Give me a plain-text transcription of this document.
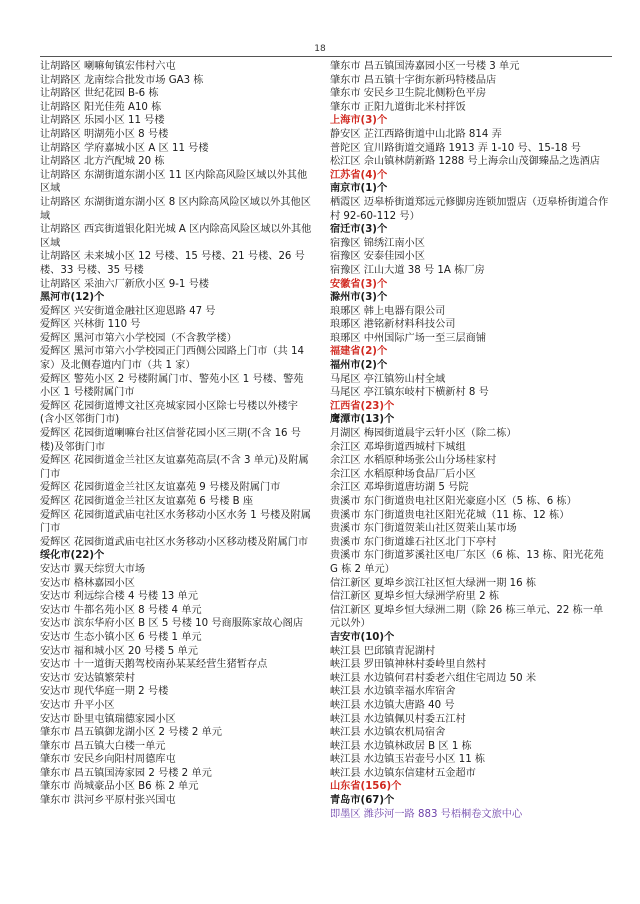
18
让胡路区 喇嘛甸镇宏伟村六屯
让胡路区 龙南综合批发市场 GA3 栋
让胡路区 世纪花园 B-6 栋
让胡路区 阳光佳苑 A10 栋
让胡路区 乐园小区 11 号楼
让胡路区 明湖苑小区 8 号楼
让胡路区 学府嘉城小区 A 区 11 号楼
让胡路区 北方汽配城 20 栋
让胡路区 东湖街道东湖小区 11 区内除高风险区域以外其他区域
让胡路区 东湖街道东湖小区 8 区内除高风险区域以外其他区域
让胡路区 西宾街道银化阳光城 A 区内除高风险区域以外其他区域
让胡路区 未来城小区 12 号楼、15 号楼、21 号楼、26 号楼、33 号楼、35 号楼
让胡路区 采油六厂新欣小区 9-1 号楼
黑河市(12)个
爱辉区 兴安街道金融社区迎恩路 47 号
爱辉区 兴林街 110 号
爱辉区 黑河市第六小学校园（不含教学楼）
爱辉区 黑河市第六小学校园正门西侧公园路上门市（共 14 家）及北侧春道内门市（共 1 家）
爱辉区 警苑小区 2 号楼附属门市、警苑小区 1 号楼、警苑小区 1 号楼附属门市
爱辉区 花园街道博文社区亮城家园小区除七号楼以外楼宇(含小区邻街门市)
爱辉区 花园街道喇嘛台社区信誉花园小区三期(不含 16 号楼)及邻街门市
爱辉区 花园街道金兰社区友谊嘉苑高层(不含 3 单元)及附属门市
爱辉区 花园街道金兰社区友谊嘉苑 9 号楼及附属门市
爱辉区 花园街道金兰社区友谊嘉苑 6 号楼 B 座
爱辉区 花园街道武庙屯社区水务移动小区水务 1 号楼及附属门市
爱辉区 花园街道武庙屯社区水务移动小区移动楼及附属门市
绥化市(22)个
安达市 翼天综贸大市场
安达市 格林嘉园小区
安达市 利远综合楼 4 号楼 13 单元
安达市 牛都名苑小区 8 号楼 4 单元
安达市 滨东华府小区 B 区 5 号楼 10 号商服陈家故心阁店
安达市 生态小镇小区 6 号楼 1 单元
安达市 福和城小区 20 号楼 5 单元
安达市 十一道街天鹅驾校南孙某某经营生猪暂存点
安达市 安达镇繁荣村
安达市 现代华庭一期 2 号楼
安达市 升平小区
安达市 卧里屯镇瑞德家园小区
肇东市 昌五镇御龙湖小区 2 号楼 2 单元
肇东市 昌五镇大白楼一单元
肇东市 安民乡向阳村周德库屯
肇东市 昌五镇国涛家园 2 号楼 2 单元
肇东市 尚城豪品小区 B6 栋 2 单元
肇东市 洪河乡平原村张兴国屯
肇东市 昌五镇国涛嘉园小区一号楼 3 单元
肇东市 昌五镇十字街东新玛特楼品店
肇东市 安民乡卫生院北侧粉色平房
肇东市 正阳九道街北米村拌饭
上海市(3)个
静安区 芷江西路街道中山北路 814 弄
普陀区 宜川路街道交通路 1913 弄 1-10 号、15-18 号
松江区 佘山镇林荫新路 1288 号上海佘山茂御臻品之选酒店
江苏省(4)个
南京市(1)个
栖霞区 迈皋桥街道郑远元修脚房连锁加盟店（迈皋桥街道合作村 92-60-112 号）
宿迁市(3)个
宿豫区 锦绣江南小区
宿豫区 安泰佳园小区
宿豫区 江山大道 38 号 1A 栋厂房
安徽省(3)个
滁州市(3)个
琅琊区 韩上电器有限公司
琅琊区 港铭新材料科技公司
琅琊区 中州国际广场一至三层商铺
福建省(2)个
福州市(2)个
马尾区 亭江镇笏山村全域
马尾区 亭江镇东岐村下横新村 8 号
江西省(23)个
鹰潭市(13)个
月湖区 梅园街道晨宇云轩小区（除二栋）
余江区 邓埠街道西城村下城组
余江区 水稻原种场张公山分场桂家村
余江区 水稻原种场食品厂后小区
余江区 邓埠街道唐坊湖 5 号院
贵溪市 东门街道贵电社区阳光豪庭小区（5 栋、6 栋）
贵溪市 东门街道贵电社区阳光花城（11 栋、12 栋）
贵溪市 东门街道贺莱山社区贺莱山某市场
贵溪市 东门街道雄石社区北门下亭村
贵溪市 东门街道芗溪社区电厂东区（6 栋、13 栋、阳光花苑 G 栋 2 单元）
信江新区 夏埠乡滨江社区恒大绿洲一期 16 栋
信江新区 夏埠乡恒大绿洲学府里 2 栋
信江新区 夏埠乡恒大绿洲二期（除 26 栋三单元、22 栋一单元以外）
吉安市(10)个
峡江县 巴邱镇青泥湖村
峡江县 罗田镇神林村委岭里自然村
峡江县 水边镇何君村委老六组住宅周边 50 米
峡江县 水边镇幸福水库宿舍
峡江县 水边镇大唐路 40 号
峡江县 水边镇佩贝村委五江村
峡江县 水边镇农机局宿舍
峡江县 水边镇林政居 B 区 1 栋
峡江县 水边镇玉岩壶号小区 11 栋
峡江县 水边镇东信建材五金超市
山东省(156)个
青岛市(67)个
即墨区 潍莎河一路 883 号梧桐卷文旅中心
